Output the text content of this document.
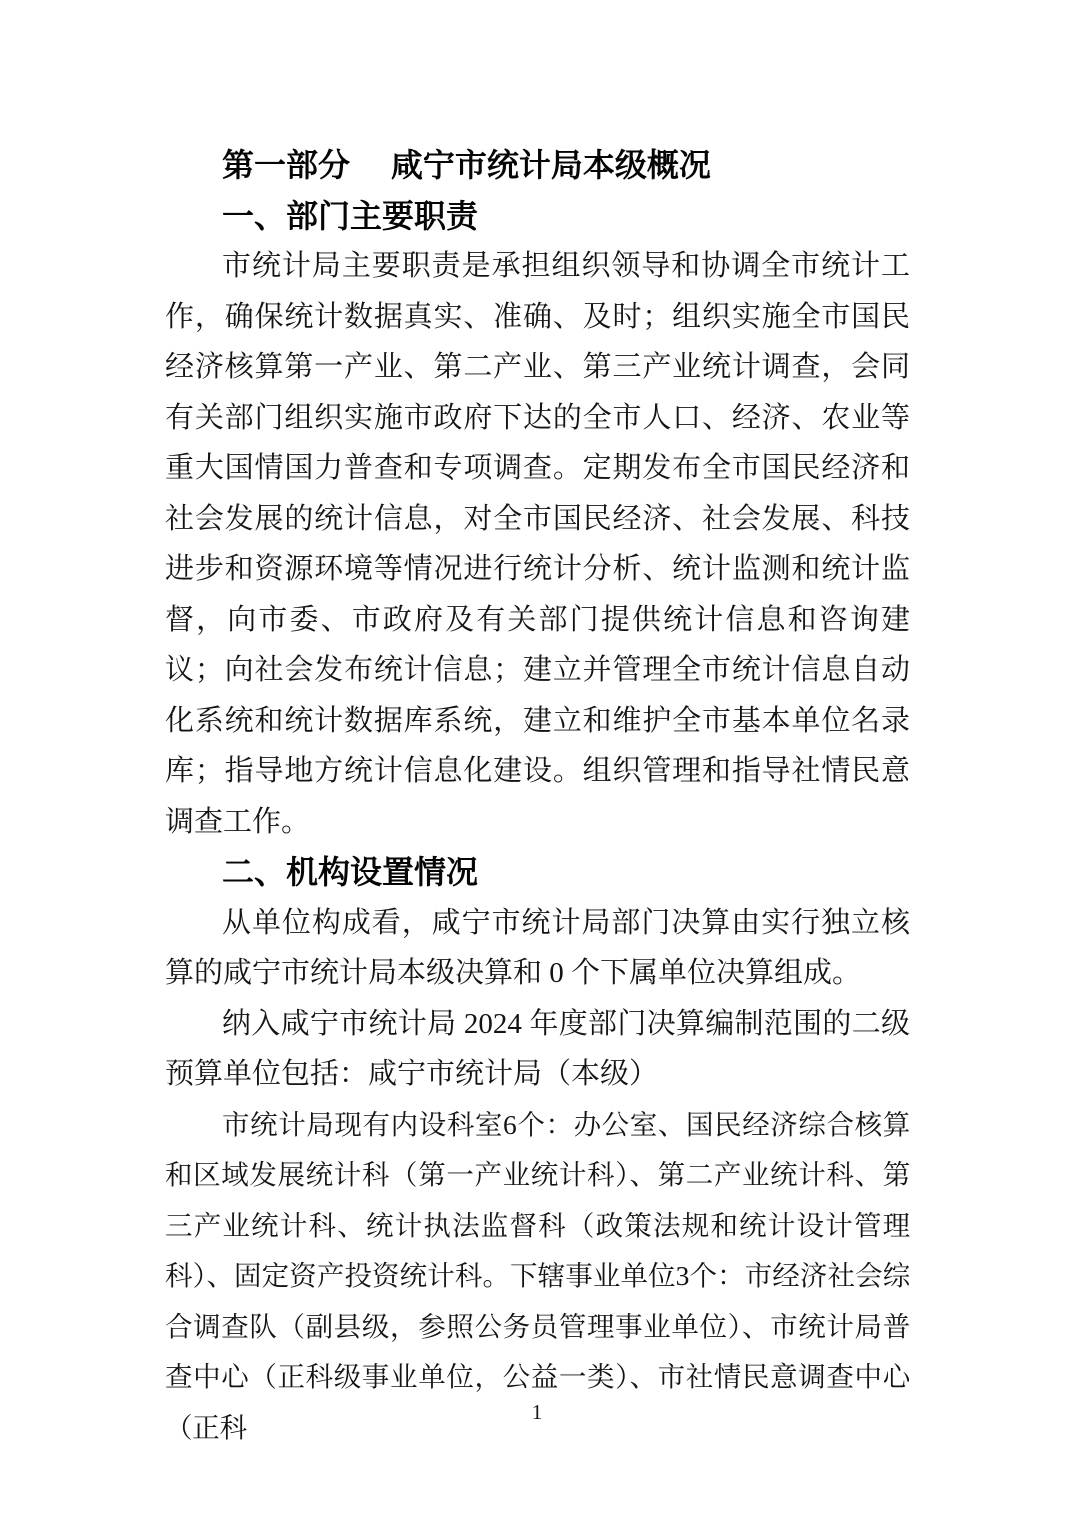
第一部分　 咸宁市统计局本级概况
一、部门主要职责

市统计局主要职责是承担组织领导和协调全市统计工作，确保统计数据真实、准确、及时；组织实施全市国民经济核算第一产业、第二产业、第三产业统计调查，会同有关部门组织实施市政府下达的全市人口、经济、农业等重大国情国力普查和专项调查。定期发布全市国民经济和社会发展的统计信息，对全市国民经济、社会发展、科技进步和资源环境等情况进行统计分析、统计监测和统计监督，向市委、市政府及有关部门提供统计信息和咨询建议；向社会发布统计信息；建立并管理全市统计信息自动化系统和统计数据库系统，建立和维护全市基本单位名录库；指导地方统计信息化建设。组织管理和指导社情民意调查工作。

二、机构设置情况

从单位构成看，咸宁市统计局部门决算由实行独立核算的咸宁市统计局本级决算和 0 个下属单位决算组成。

纳入咸宁市统计局 2024 年度部门决算编制范围的二级预算单位包括：咸宁市统计局（本级）

市统计局现有内设科室6个：办公室、国民经济综合核算和区域发展统计科（第一产业统计科）、第二产业统计科、第三产业统计科、统计执法监督科（政策法规和统计设计管理科）、固定资产投资统计科。下辖事业单位3个：市经济社会综合调查队（副县级，参照公务员管理事业单位）、市统计局普查中心（正科级事业单位，公益一类）、市社情民意调查中心（正科	1
